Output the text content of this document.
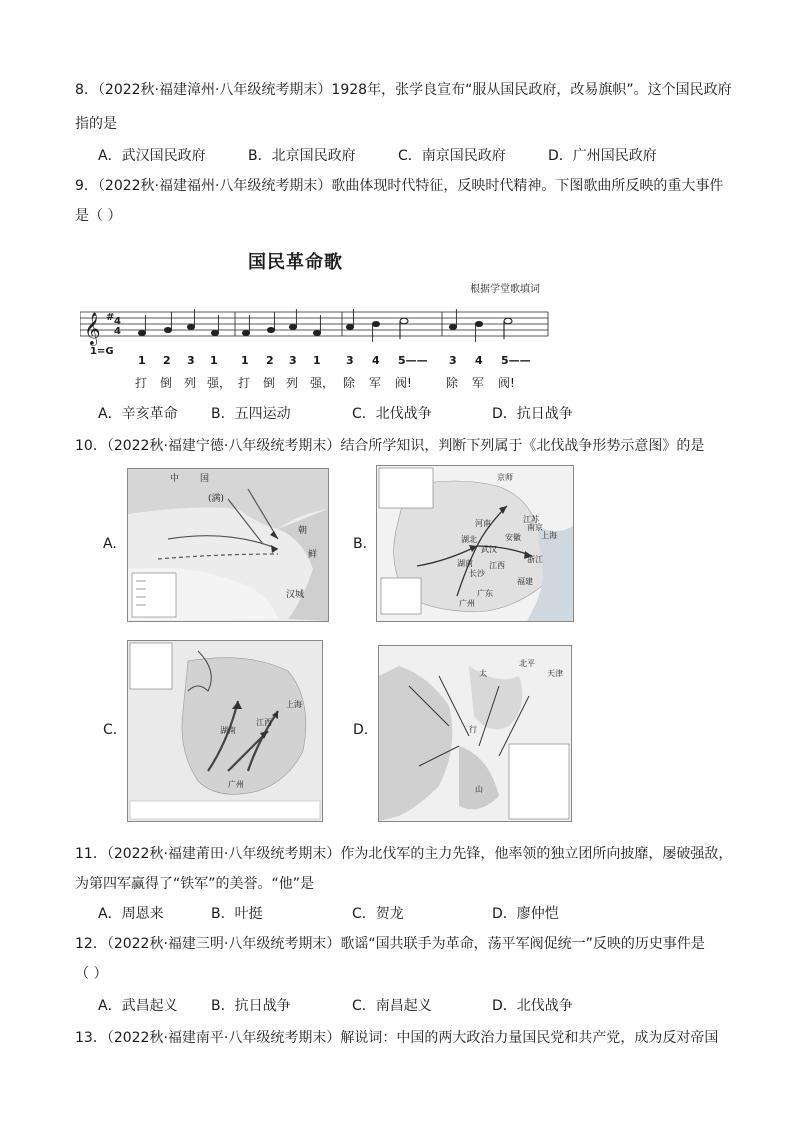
8．（2022秋·福建漳州·八年级统考期末）1928年，张学良宣布“服从国民政府，改易旗帜”。这个国民政府
指的是
A．武汉国民政府	B．北京国民政府	C．南京国民政府	D．广州国民政府
9．（2022秋·福建福州·八年级统考期末）歌曲体现时代特征，反映时代精神。下图歌曲所反映的重大事件
是（ ）
国民革命歌
根据学堂歌填词
𝄞 # 4
4
1=G
1 2 3 1 1 2 3 1 3 4 5—— 3 4 5——
打 倒 列 强， 打 倒 列 强， 除 军 阀!	除 军 阀!
A．辛亥革命 B．五四运动	C．北伐战争	D．抗日战争
10．（2022秋·福建宁德·八年级统考期末）结合所学知识，判断下列属于《北伐战争形势示意图》的是
A.
中 国
(满)
朝
鲜
汉城
B.
京师
河南
湖北
湖南 江西
安徽
江苏
上海
浙江
福建
广东
广州
南京
武汉
长沙
C.	江西
湖南
广州
上海
D.
太
行
山
北平
天津
11．（2022秋·福建莆田·八年级统考期末）作为北伐军的主力先锋，他率领的独立团所向披靡，屡破强敌，
为第四军赢得了“铁军”的美誉。“他”是
A．周恩来	B．叶挺	C．贺龙	D．廖仲恺
12．（2022秋·福建三明·八年级统考期末）歌谣“国共联手为革命，荡平军阀促统一”反映的历史事件是
（ ）
A．武昌起义 B．抗日战争	C．南昌起义	D．北伐战争
13．（2022秋·福建南平·八年级统考期末）解说词：中国的两大政治力量国民党和共产党，成为反对帝国
